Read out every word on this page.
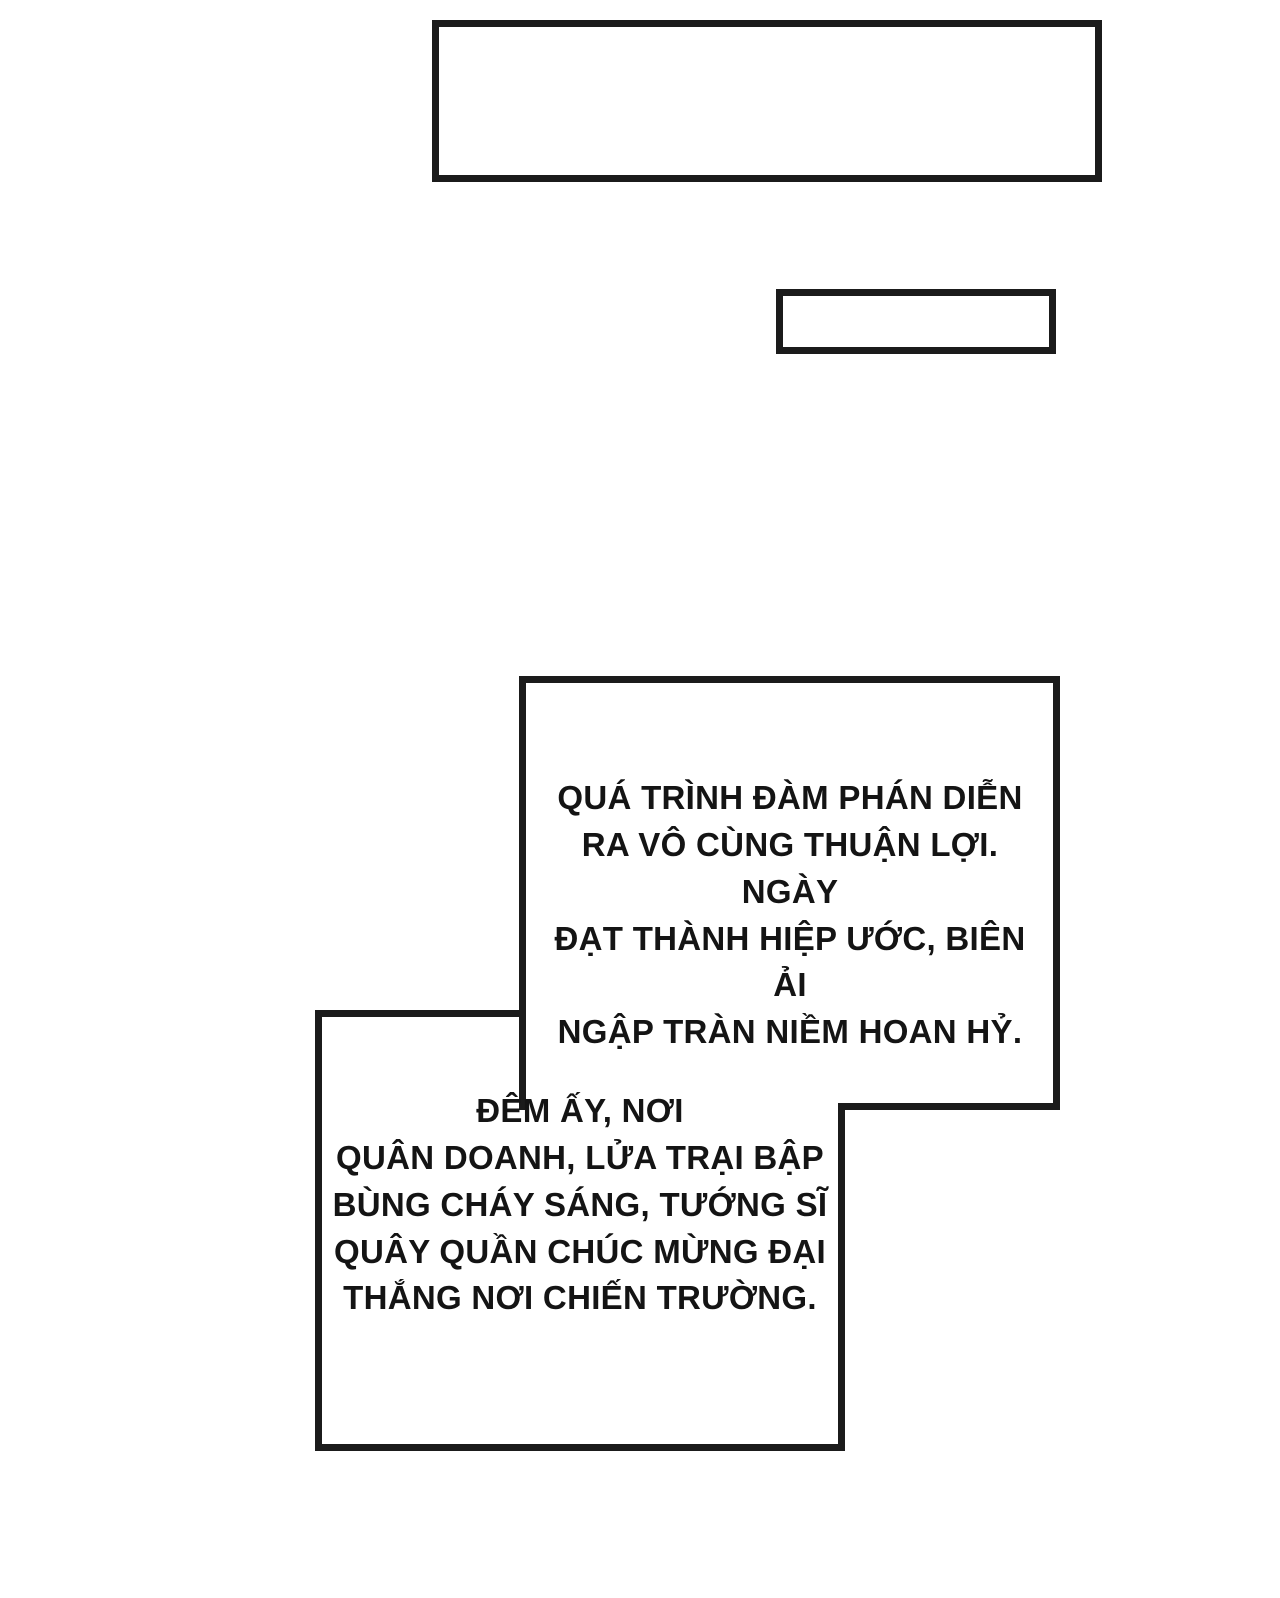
QUÁ TRÌNH ĐÀM PHÁN DIỄN
RA VÔ CÙNG THUẬN LỢI. NGÀY
ĐẠT THÀNH HIỆP ƯỚC, BIÊN ẢI
NGẬP TRÀN NIỀM HOAN HỶ.
ĐÊM ẤY, NƠI
QUÂN DOANH, LỬA TRẠI BẬP
BÙNG CHÁY SÁNG, TƯỚNG SĨ
QUÂY QUẦN CHÚC MỪNG ĐẠI
THẮNG NƠI CHIẾN TRƯỜNG.
